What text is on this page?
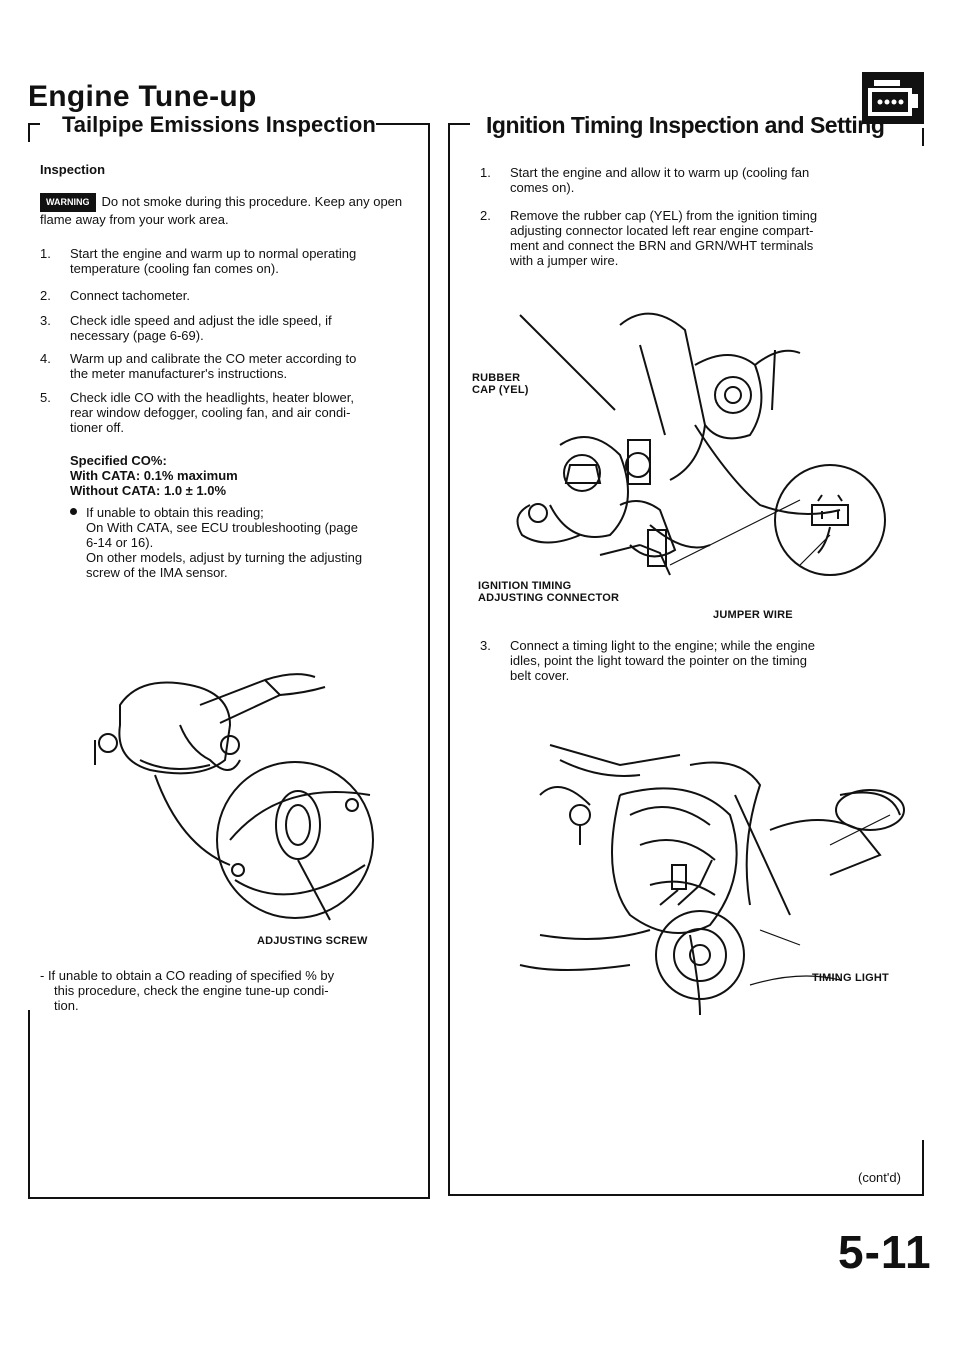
Engine Tune-up
Tailpipe Emissions Inspection
Inspection
WARNING Do not smoke during this procedure. Keep any open flame away from your work area.
1. Start the engine and warm up to normal operating
temperature (cooling fan comes on).
2. Connect tachometer.
3. Check idle speed and adjust the idle speed, if
necessary (page 6-69).
4. Warm up and calibrate the CO meter according to
the meter manufacturer's instructions.
5. Check idle CO with the headlights, heater blower,
rear window defogger, cooling fan, and air condi-
tioner off.
Specified CO%:
With CATA: 0.1% maximum
Without CATA: 1.0 ± 1.0%
If unable to obtain this reading;
On With CATA, see ECU troubleshooting (page
6-14 or 16).
On other models, adjust by turning the adjusting
screw of the IMA sensor.
ADJUSTING SCREW
- If unable to obtain a CO reading of specified % by
this procedure, check the engine tune-up condi-
tion.
Ignition Timing Inspection and Setting
1. Start the engine and allow it to warm up (cooling fan
comes on).
2. Remove the rubber cap (YEL) from the ignition timing
adjusting connector located left rear engine compart-
ment and connect the BRN and GRN/WHT terminals
with a jumper wire.
RUBBER
CAP (YEL)
IGNITION TIMING
ADJUSTING CONNECTOR
JUMPER WIRE
3. Connect a timing light to the engine; while the engine
idles, point the light toward the pointer on the timing
belt cover.
TIMING LIGHT
(cont'd)
5-11
